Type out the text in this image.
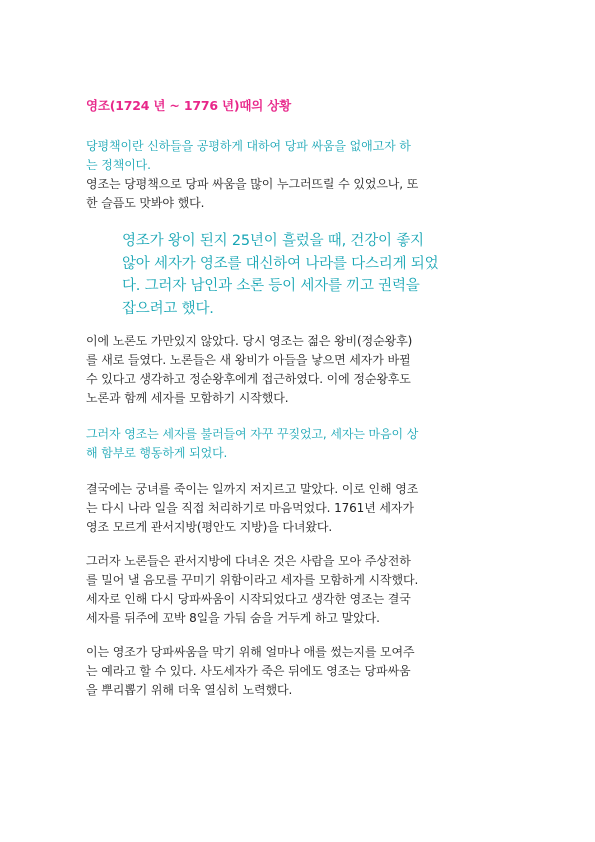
영조(1724 년 ~ 1776 년)때의 상황
당평책이란 신하들을 공평하게 대하여 당파 싸움을 없애고자 하
는 정책이다.
영조는 당평책으로 당파 싸움을 많이 누그러뜨릴 수 있었으나, 또
한 슬픔도 맛봐야 했다.
영조가 왕이 된지 25년이 흘렀을 때, 건강이 좋지
않아 세자가 영조를 대신하여 나라를 다스리게 되었
다. 그러자 남인과 소론 등이 세자를 끼고 권력을
잡으려고 했다.
이에 노론도 가만있지 않았다. 당시 영조는 젊은 왕비(정순왕후)
를 새로 들였다. 노론들은 새 왕비가 아들을 낳으면 세자가 바뀔
수 있다고 생각하고 정순왕후에게 접근하였다. 이에 정순왕후도
노론과 함께 세자를 모함하기 시작했다.
그러자 영조는 세자를 불러들여 자꾸 꾸짖었고, 세자는 마음이 상
해 함부로 행동하게 되었다.
결국에는 궁녀를 죽이는 일까지 저지르고 말았다. 이로 인해 영조
는 다시 나라 일을 직접 처리하기로 마음먹었다. 1761년 세자가
영조 모르게 관서지방(평안도 지방)을 다녀왔다.
그러자 노론들은 관서지방에 다녀온 것은 사람을 모아 주상전하
를 밀어 낼 음모를 꾸미기 위함이라고 세자를 모함하게 시작했다.
세자로 인해 다시 당파싸움이 시작되었다고 생각한 영조는 결국
세자를 뒤주에 꼬박 8일을 가둬 숨을 거두게 하고 말았다.
이는 영조가 당파싸움을 막기 위해 얼마나 애를 썼는지를 모여주
는 예라고 할 수 있다. 사도세자가 죽은 뒤에도 영조는 당파싸움
을 뿌리뽑기 위해 더욱 열심히 노력했다.
